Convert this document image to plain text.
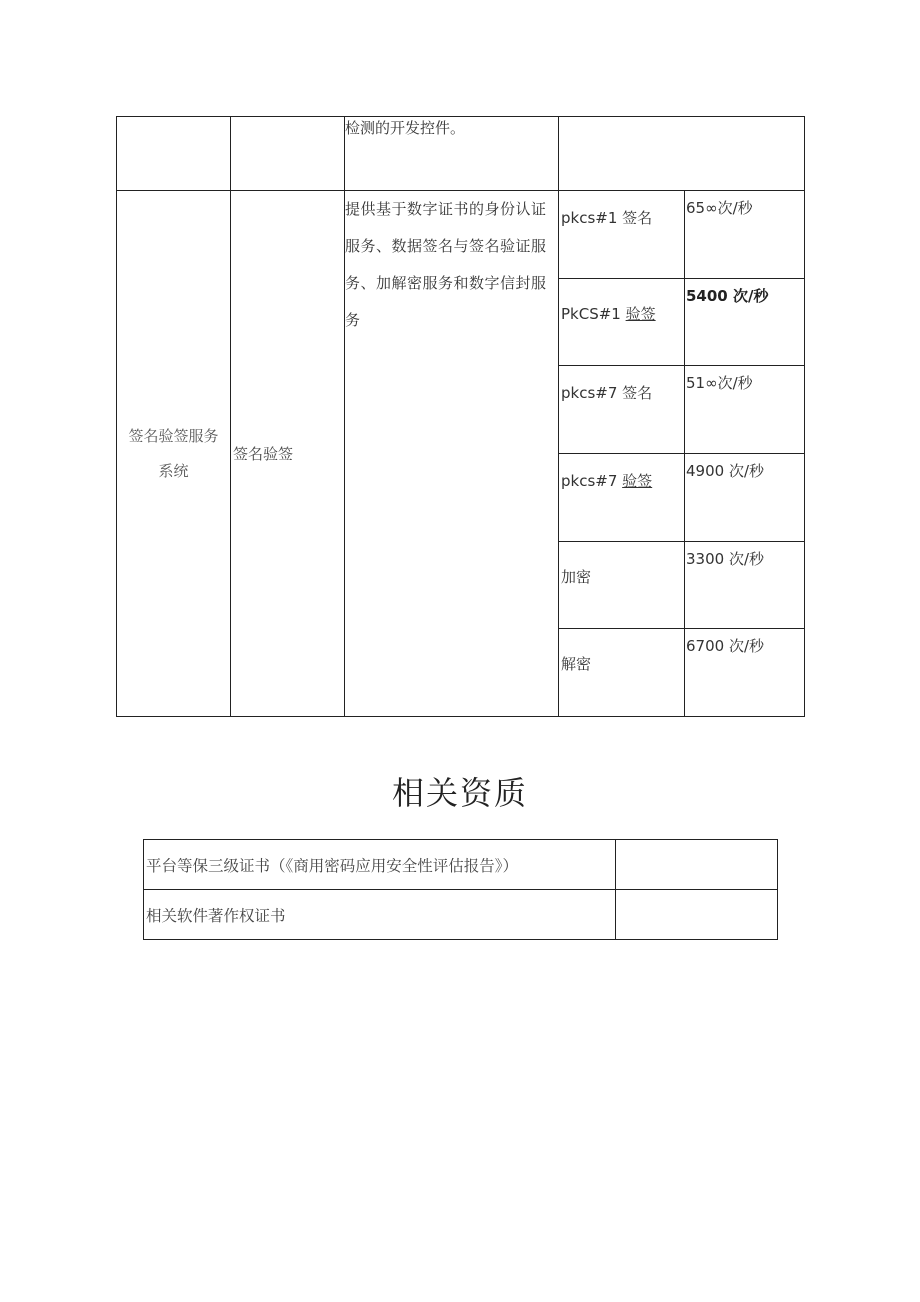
		检测的开发控件。		
签名验签服务系统	签名验签	提供基于数字证书的身份认证服务、数据签名与签名验证服务、加解密服务和数字信封服务	pkcs#1 签名	65∞次/秒
			PkCS#1 验签	5400 次/秒
			pkcs#7 签名	51∞次/秒
			pkcs#7 验签	4900 次/秒
			加密	3300 次/秒
			解密	6700 次/秒
相关资质
平台等保三级证书（《商用密码应用安全性评估报告》）	
相关软件著作权证书	
